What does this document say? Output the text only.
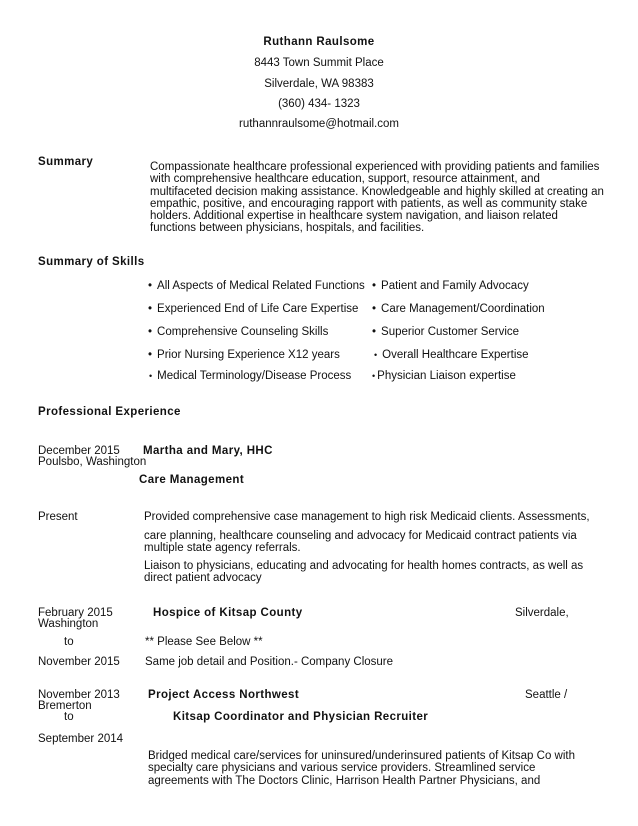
Ruthann Raulsome
8443 Town Summit Place
Silverdale, WA 98383
(360) 434- 1323
ruthannraulsome@hotmail.com
Summary	Compassionate healthcare professional experienced with providing patients and families with comprehensive healthcare education, support, resource attainment, and multifaceted decision making assistance. Knowledgeable and highly skilled at creating an empathic, positive, and encouraging rapport with patients, as well as community stake holders. Additional expertise in healthcare system navigation, and liaison related functions between physicians, hospitals, and facilities.
Summary of Skills
• All Aspects of Medical Related Functions • Patient and Family Advocacy
• Experienced End of Life Care Expertise • Care Management/Coordination
• Comprehensive Counseling Skills	• Superior Customer Service
• Prior Nursing Experience X12 years	• Overall Healthcare Expertise
• Medical Terminology/Disease Process • Physician Liaison expertise
Professional Experience
December 2015 Martha and Mary, HHC
Poulsbo, Washington
Care Management
Present	Provided comprehensive case management to high risk Medicaid clients. Assessments,
care planning, healthcare counseling and advocacy for Medicaid contract patients via multiple state agency referrals.
Liaison to physicians, educating and advocating for health homes contracts, as well as direct patient advocacy
February 2015	Hospice of Kitsap County	Silverdale,
Washington
to	** Please See Below **
November 2015 Same job detail and Position.- Company Closure
November 2013 Project Access Northwest	Seattle /
Bremerton
to	Kitsap Coordinator and Physician Recruiter
September 2014
Bridged medical care/services for uninsured/underinsured patients of Kitsap Co with specialty care physicians and various service providers. Streamlined service agreements with The Doctors Clinic, Harrison Health Partner Physicians, and
